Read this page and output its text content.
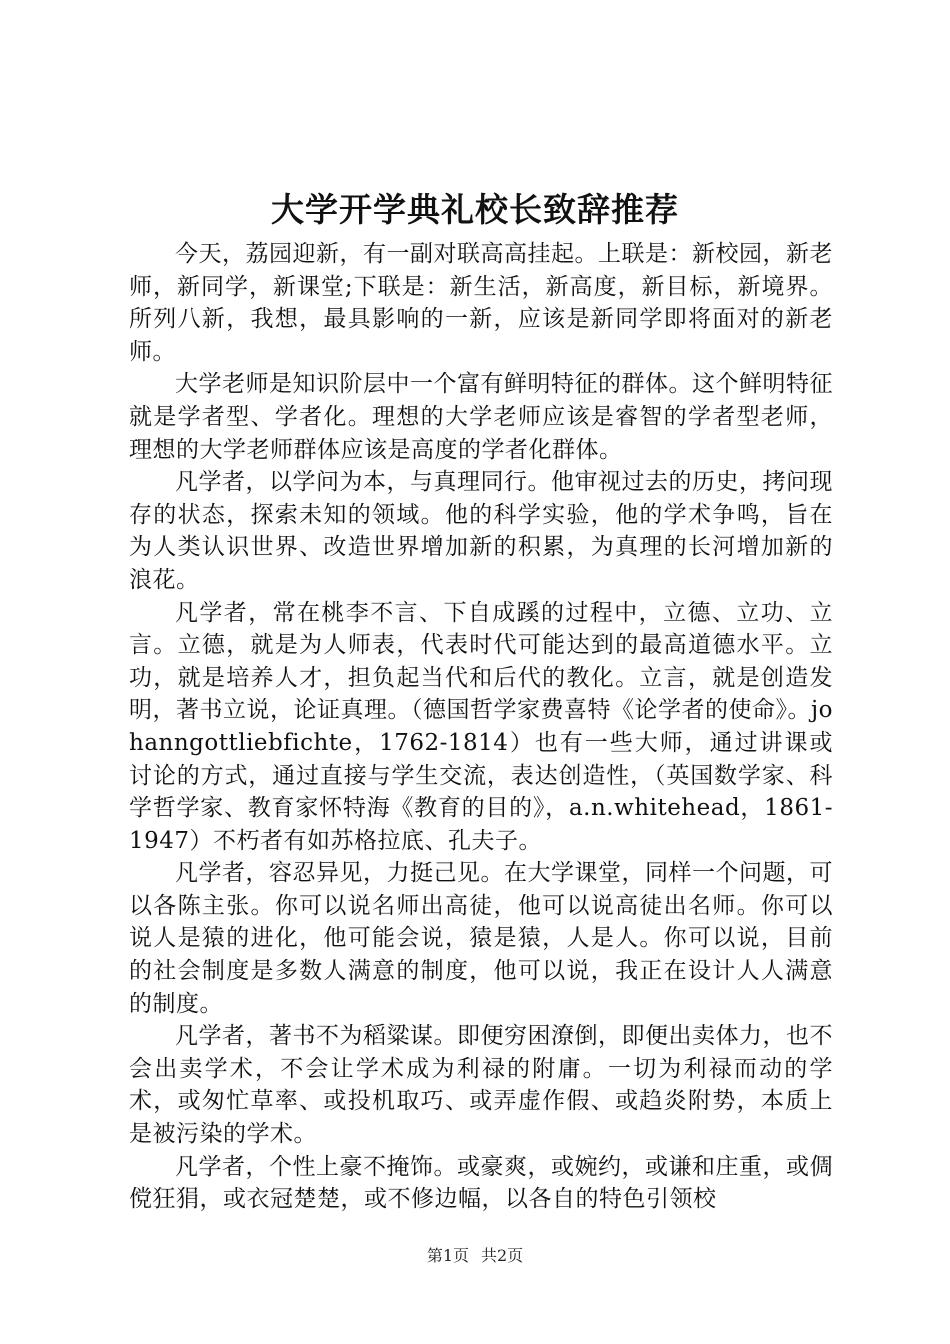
大学开学典礼校长致辞推荐

今天，荔园迎新，有一副对联高高挂起。上联是：新校园，新老师，新同学，新课堂;下联是：新生活，新高度，新目标，新境界。所列八新，我想，最具影响的一新，应该是新同学即将面对的新老师。

大学老师是知识阶层中一个富有鲜明特征的群体。这个鲜明特征就是学者型、学者化。理想的大学老师应该是睿智的学者型老师，理想的大学老师群体应该是高度的学者化群体。

凡学者，以学问为本，与真理同行。他审视过去的历史，拷问现存的状态，探索未知的领域。他的科学实验，他的学术争鸣，旨在为人类认识世界、改造世界增加新的积累，为真理的长河增加新的浪花。

凡学者，常在桃李不言、下自成蹊的过程中，立德、立功、立言。立德，就是为人师表，代表时代可能达到的最高道德水平。立功，就是培养人才，担负起当代和后代的教化。立言，就是创造发明，著书立说，论证真理。（德国哲学家费喜特《论学者的使命》。johanngottliebfichte，1762-1814）也有一些大师，通过讲课或讨论的方式，通过直接与学生交流，表达创造性，（英国数学家、科学哲学家、教育家怀特海《教育的目的》，a.n.whitehead，1861-1947）不朽者有如苏格拉底、孔夫子。

凡学者，容忍异见，力挺己见。在大学课堂，同样一个问题，可以各陈主张。你可以说名师出高徒，他可以说高徒出名师。你可以说人是猿的进化，他可能会说，猿是猿，人是人。你可以说，目前的社会制度是多数人满意的制度，他可以说，我正在设计人人满意的制度。

凡学者，著书不为稻粱谋。即便穷困潦倒，即便出卖体力，也不会出卖学术，不会让学术成为利禄的附庸。一切为利禄而动的学术，或匆忙草率、或投机取巧、或弄虚作假、或趋炎附势，本质上是被污染的学术。

凡学者，个性上豪不掩饰。或豪爽，或婉约，或谦和庄重，或倜傥狂狷，或衣冠楚楚，或不修边幅，以各自的特色引领校

第1页 共2页
